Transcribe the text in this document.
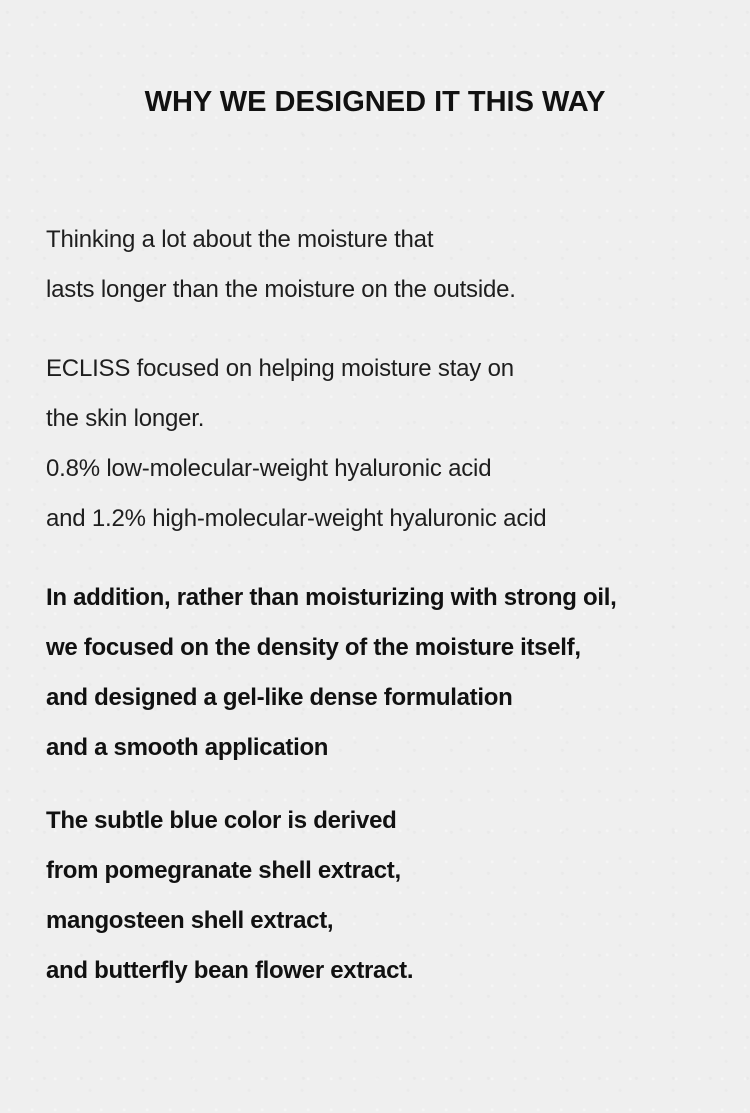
WHY WE DESIGNED IT THIS WAY

Thinking a lot about the moisture that
lasts longer than the moisture on the outside.

ECLISS focused on helping moisture stay on
the skin longer.
0.8% low-molecular-weight hyaluronic acid
and 1.2% high-molecular-weight hyaluronic acid

In addition, rather than moisturizing with strong oil,
we focused on the density of the moisture itself,
and designed a gel-like dense formulation
and a smooth application

The subtle blue color is derived
from pomegranate shell extract,
mangosteen shell extract,
and butterfly bean flower extract.
